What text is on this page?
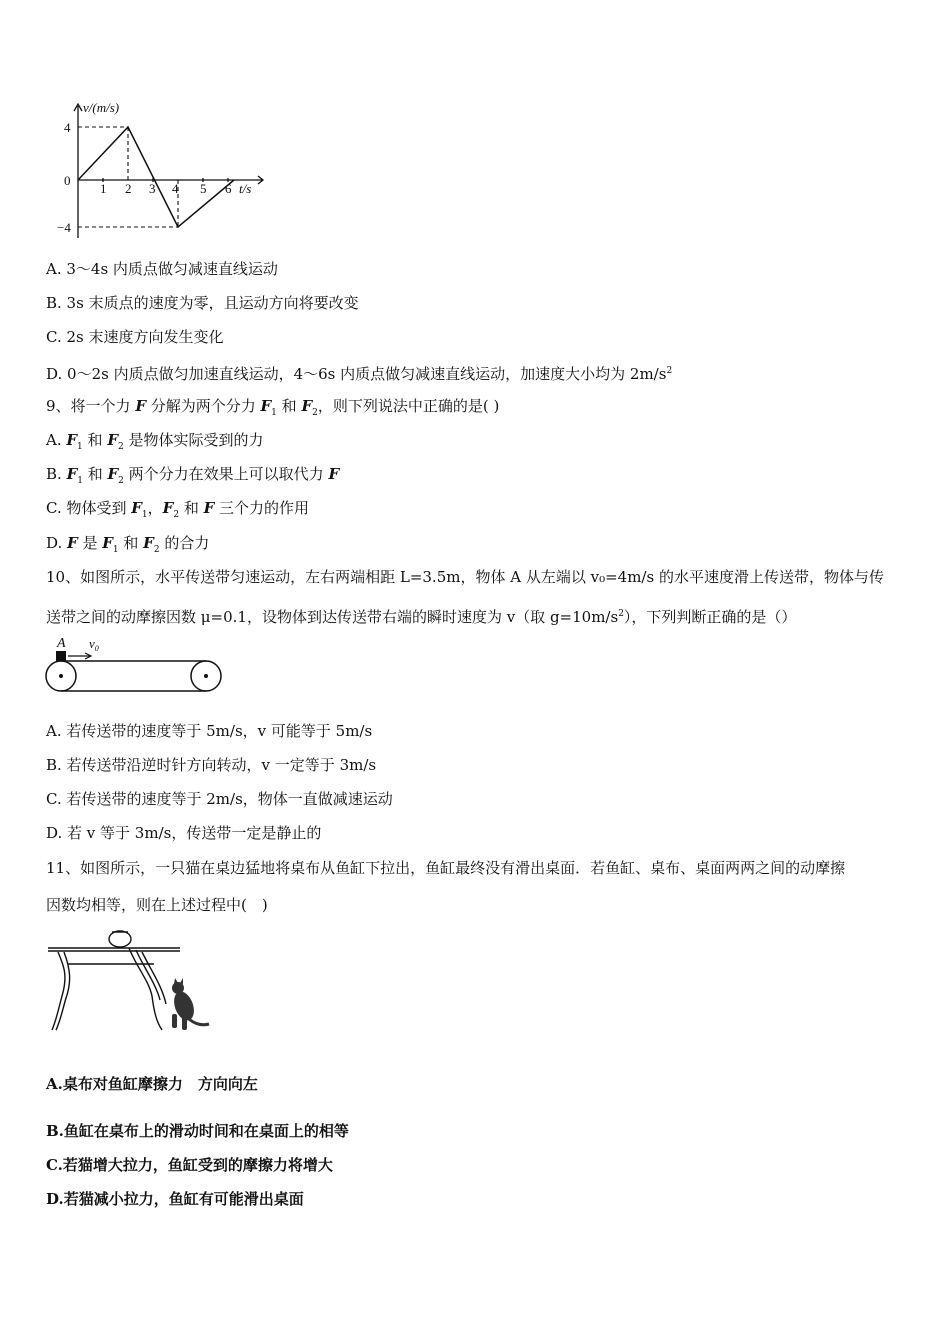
v/(m/s)
t/s
0
4
−4
1 2 3 4 5 6
A. 3～4s 内质点做匀减速直线运动
B. 3s 末质点的速度为零，且运动方向将要改变
C. 2s 末速度方向发生变化
D. 0～2s 内质点做匀加速直线运动，4～6s 内质点做匀减速直线运动，加速度大小均为 $2m/s^2$
9、将一个力 F 分解为两个分力 $F_1$ 和 $F_2$，则下列说法中正确的是( )
A. $F_1$ 和 $F_2$ 是物体实际受到的力
B. $F_1$ 和 $F_2$ 两个分力在效果上可以取代力 F
C. 物体受到 $F_1$，$F_2$ 和 F 三个力的作用
D. F 是 $F_1$ 和 $F_2$ 的合力
10、如图所示，水平传送带匀速运动，左右两端相距 L=3.5m，物体 A 从左端以 v₀=4m/s 的水平速度滑上传送带，物体与传
送带之间的动摩擦因数 μ=0.1，设物体到达传送带右端的瞬时速度为 v（取 $g=10m/s^2$），下列判断正确的是（）
A $v_0$
A. 若传送带的速度等于 5m/s，v 可能等于 5m/s
B. 若传送带沿逆时针方向转动，v 一定等于 3m/s
C. 若传送带的速度等于 2m/s，物体一直做减速运动
D. 若 v 等于 3m/s，传送带一定是静止的
11、如图所示，一只猫在桌边猛地将桌布从鱼缸下拉出，鱼缸最终没有滑出桌面．若鱼缸、桌布、桌面两两之间的动摩擦
因数均相等，则在上述过程中(　)
A.桌布对鱼缸摩擦力　方向向左
B.鱼缸在桌布上的滑动时间和在桌面上的相等
C.若猫增大拉力，鱼缸受到的摩擦力将增大
D.若猫减小拉力，鱼缸有可能滑出桌面
